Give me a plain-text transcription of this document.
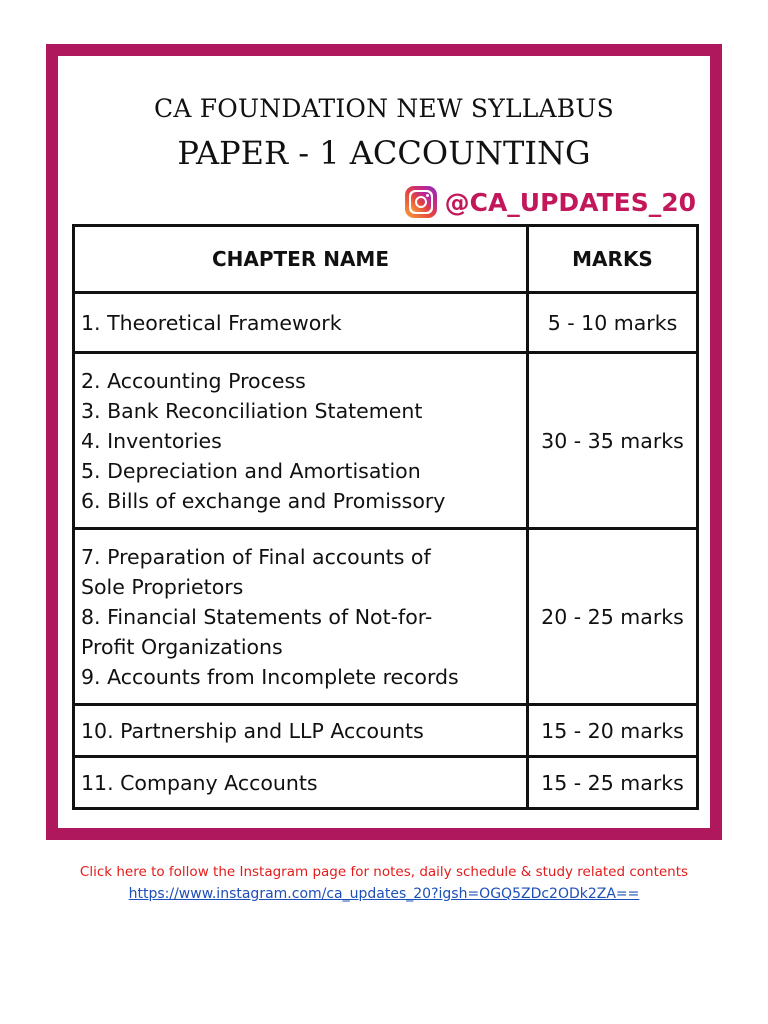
CA FOUNDATION NEW SYLLABUS
PAPER - 1 ACCOUNTING
@CA_UPDATES_20
CHAPTER NAME	MARKS

1. Theoretical Framework	5 - 10 marks

2. Accounting Process
3. Bank Reconciliation Statement
4. Inventories
5. Depreciation and Amortisation
6. Bills of exchange and Promissory	30 - 35 marks

7. Preparation of Final accounts of
Sole Proprietors
8. Financial Statements of Not-for-
Profit Organizations
9. Accounts from Incomplete records	20 - 25 marks

10. Partnership and LLP Accounts	15 - 20 marks

11. Company Accounts	15 - 25 marks
Click here to follow the Instagram page for notes, daily schedule & study related contents
https://www.instagram.com/ca_updates_20?igsh=OGQ5ZDc2ODk2ZA==
